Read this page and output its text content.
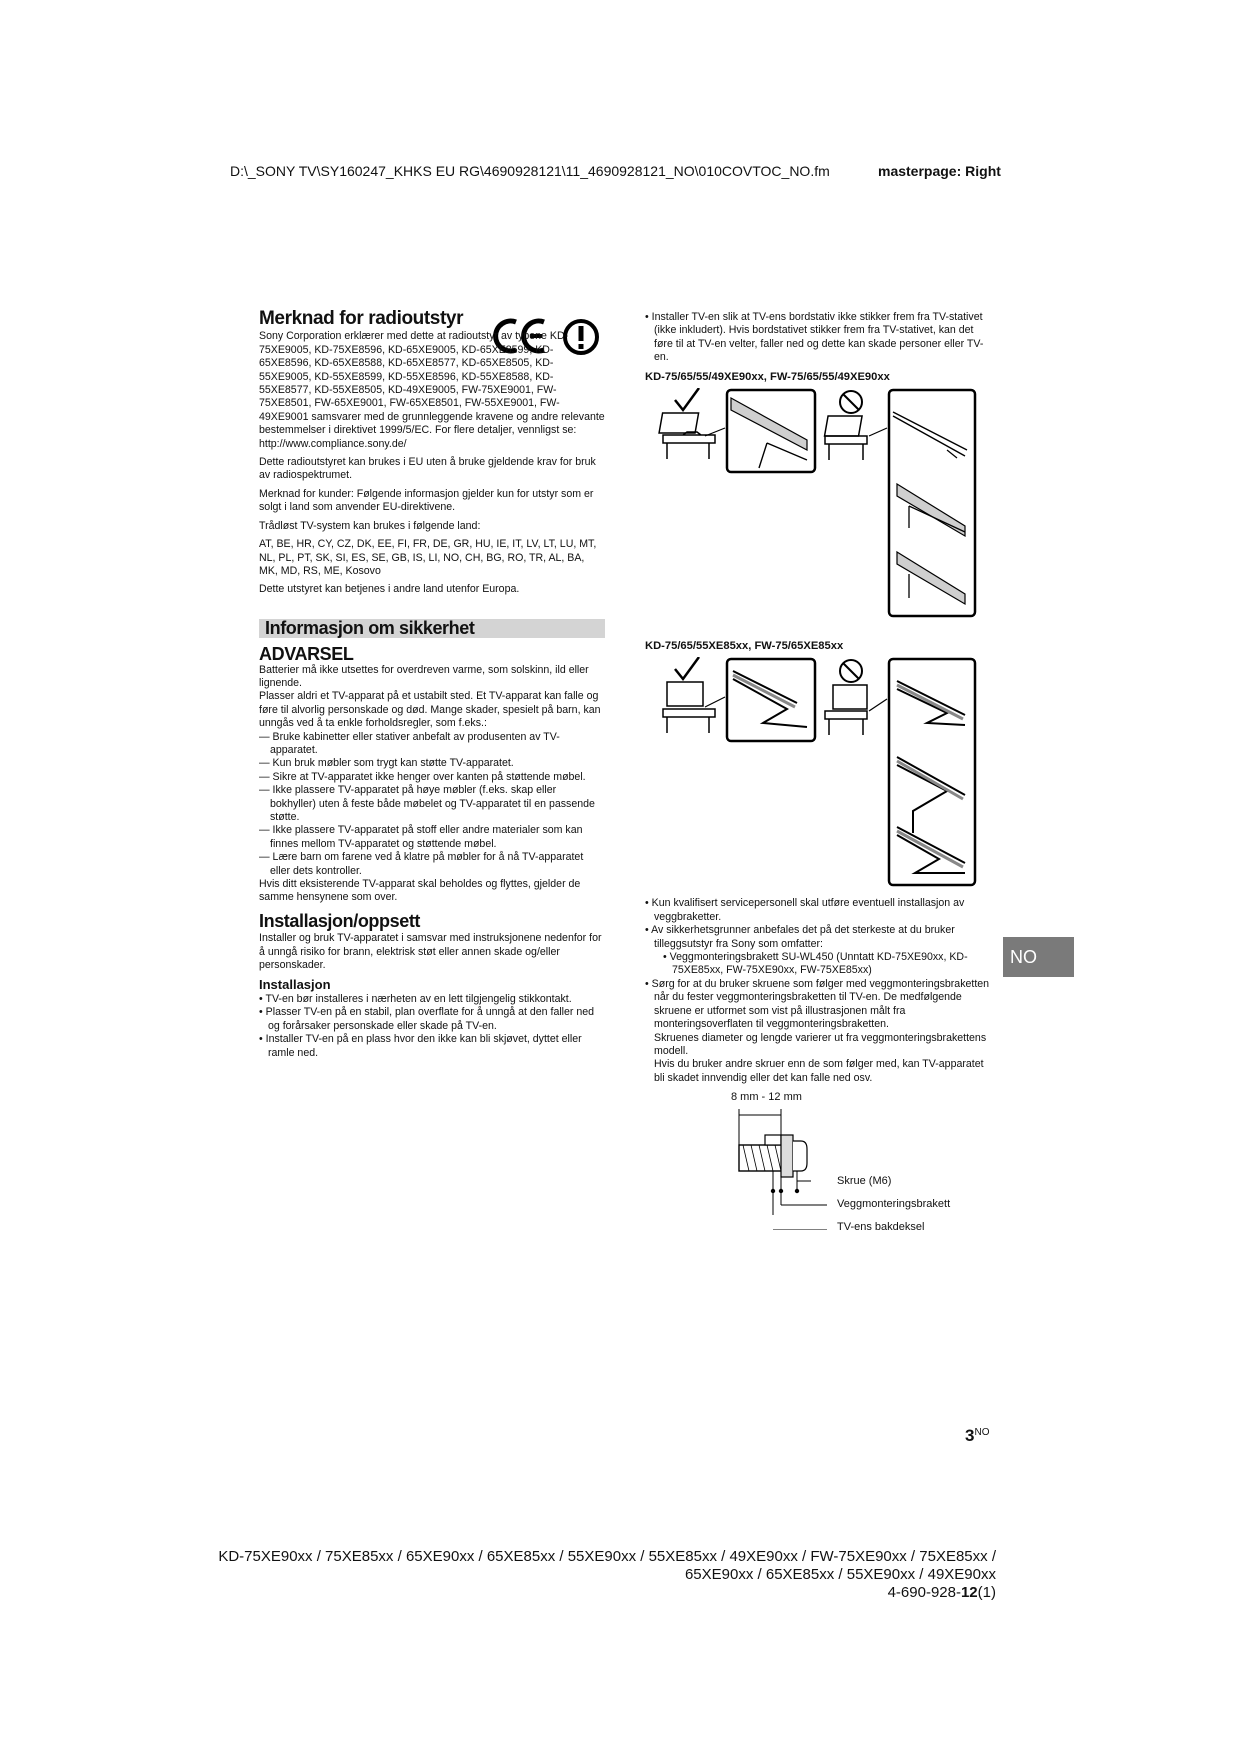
D:\_SONY TV\SY160247_KHKS EU RG\4690928121\11_4690928121_NO\010COVTOC_NO.fm	masterpage: Right
Merknad for radioutstyr

Sony Corporation erklærer med dette at radioutstyr av typene KD-75XE9005, KD-75XE8596, KD-65XE9005, KD-65XE8599, KD-65XE8596, KD-65XE8588, KD-65XE8577, KD-65XE8505, KD-55XE9005, KD-55XE8599, KD-55XE8596, KD-55XE8588, KD-55XE8577, KD-55XE8505, KD-49XE9005, FW-75XE9001, FW-75XE8501, FW-65XE9001, FW-65XE8501, FW-55XE9001, FW-49XE9001 samsvarer med de grunnleggende kravene og andre relevante bestemmelser i direktivet 1999/5/EC. For flere detaljer, vennligst se: http://www.compliance.sony.de/

Dette radioutstyret kan brukes i EU uten å bruke gjeldende krav for bruk av radiospektrumet.

Merknad for kunder: Følgende informasjon gjelder kun for utstyr som er solgt i land som anvender EU-direktivene.

Trådløst TV-system kan brukes i følgende land:

AT, BE, HR, CY, CZ, DK, EE, FI, FR, DE, GR, HU, IE, IT, LV, LT, LU, MT, NL, PL, PT, SK, SI, ES, SE, GB, IS, LI, NO, CH, BG, RO, TR, AL, BA, MK, MD, RS, ME, Kosovo

Dette utstyret kan betjenes i andre land utenfor Europa.

Informasjon om sikkerhet
ADVARSEL

Batterier må ikke utsettes for overdreven varme, som solskinn, ild eller lignende.

Plasser aldri et TV-apparat på et ustabilt sted. Et TV-apparat kan falle og føre til alvorlig personskade og død. Mange skader, spesielt på barn, kan unngås ved å ta enkle forholdsregler, som f.eks.:

— Bruke kabinetter eller stativer anbefalt av produsenten av TV-apparatet.
— Kun bruk møbler som trygt kan støtte TV-apparatet.
— Sikre at TV-apparatet ikke henger over kanten på støttende møbel.
— Ikke plassere TV-apparatet på høye møbler (f.eks. skap eller bokhyller) uten å feste både møbelet og TV-apparatet til en passende støtte.
— Ikke plassere TV-apparatet på stoff eller andre materialer som kan finnes mellom TV-apparatet og støttende møbel.
— Lære barn om farene ved å klatre på møbler for å nå TV-apparatet eller dets kontroller.

Hvis ditt eksisterende TV-apparat skal beholdes og flyttes, gjelder de samme hensynene som over.

Installasjon/oppsett

Installer og bruk TV-apparatet i samsvar med instruksjonene nedenfor for å unngå risiko for brann, elektrisk støt eller annen skade og/eller personskader.

Installasjon
• TV-en bør installeres i nærheten av en lett tilgjengelig stikkontakt.
• Plasser TV-en på en stabil, plan overflate for å unngå at den faller ned og forårsaker personskade eller skade på TV-en.
• Installer TV-en på en plass hvor den ikke kan bli skjøvet, dyttet eller ramle ned.
• Installer TV-en slik at TV-ens bordstativ ikke stikker frem fra TV-stativet (ikke inkludert). Hvis bordstativet stikker frem fra TV-stativet, kan det føre til at TV-en velter, faller ned og dette kan skade personer eller TV-en.
KD-75/65/55/49XE90xx, FW-75/65/55/49XE90xx
KD-75/65/55XE85xx, FW-75/65XE85xx
• Kun kvalifisert servicepersonell skal utføre eventuell installasjon av veggbraketter.
• Av sikkerhetsgrunner anbefales det på det sterkeste at du bruker tilleggsutstyr fra Sony som omfatter:
• Veggmonteringsbrakett SU-WL450 (Unntatt KD-75XE90xx, KD-75XE85xx, FW-75XE90xx, FW-75XE85xx)
• Sørg for at du bruker skruene som følger med veggmonteringsbraketten når du fester veggmonteringsbraketten til TV-en. De medfølgende skruene er utformet som vist på illustrasjonen målt fra monteringsoverflaten til veggmonteringsbraketten.

Skruenes diameter og lengde varierer ut fra veggmonteringsbrakettens modell.

Hvis du bruker andre skruer enn de som følger med, kan TV-apparatet bli skadet innvendig eller det kan falle ned osv.

8 mm - 12 mm
Skrue (M6)
Veggmonteringsbrakett
TV-ens bakdeksel
NO
$3^{NO}$
KD-75XE90xx / 75XE85xx / 65XE90xx / 65XE85xx / 55XE90xx / 55XE85xx / 49XE90xx / FW-75XE90xx / 75XE85xx /
65XE90xx / 65XE85xx / 55XE90xx / 49XE90xx
4-690-928-12(1)
